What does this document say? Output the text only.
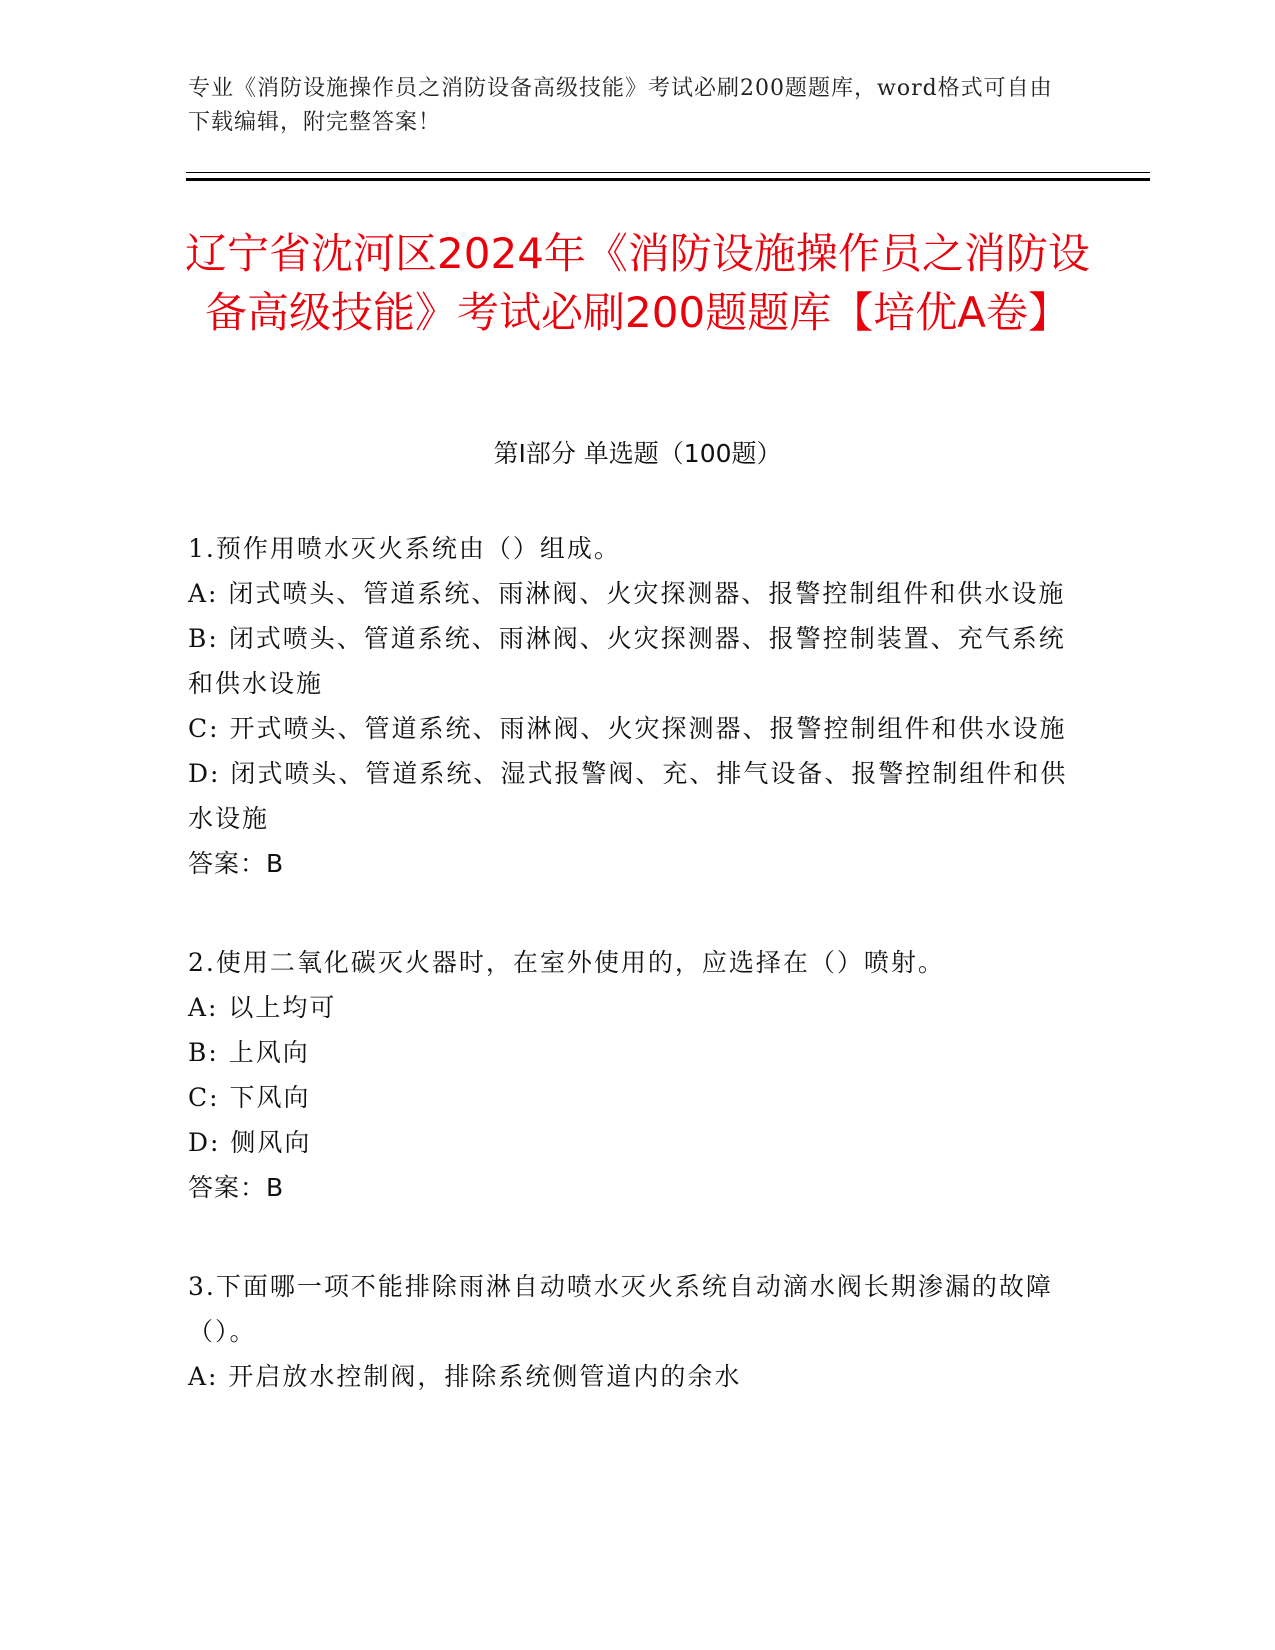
专业《消防设施操作员之消防设备高级技能》考试必刷200题题库，word格式可自由下载编辑，附完整答案！
辽宁省沈河区2024年《消防设施操作员之消防设备高级技能》考试必刷200题题库【培优A卷】
第I部分 单选题（100题）

1.预作用喷水灭火系统由（）组成。

A: 闭式喷头、管道系统、雨淋阀、火灾探测器、报警控制组件和供水设施

B: 闭式喷头、管道系统、雨淋阀、火灾探测器、报警控制装置、充气系统和供水设施

C: 开式喷头、管道系统、雨淋阀、火灾探测器、报警控制组件和供水设施

D: 闭式喷头、管道系统、湿式报警阀、充、排气设备、报警控制组件和供水设施

答案：B

2.使用二氧化碳灭火器时，在室外使用的，应选择在（）喷射。

A: 以上均可

B: 上风向

C: 下风向

D: 侧风向

答案：B

3.下面哪一项不能排除雨淋自动喷水灭火系统自动滴水阀长期渗漏的故障（）。

A: 开启放水控制阀，排除系统侧管道内的余水
